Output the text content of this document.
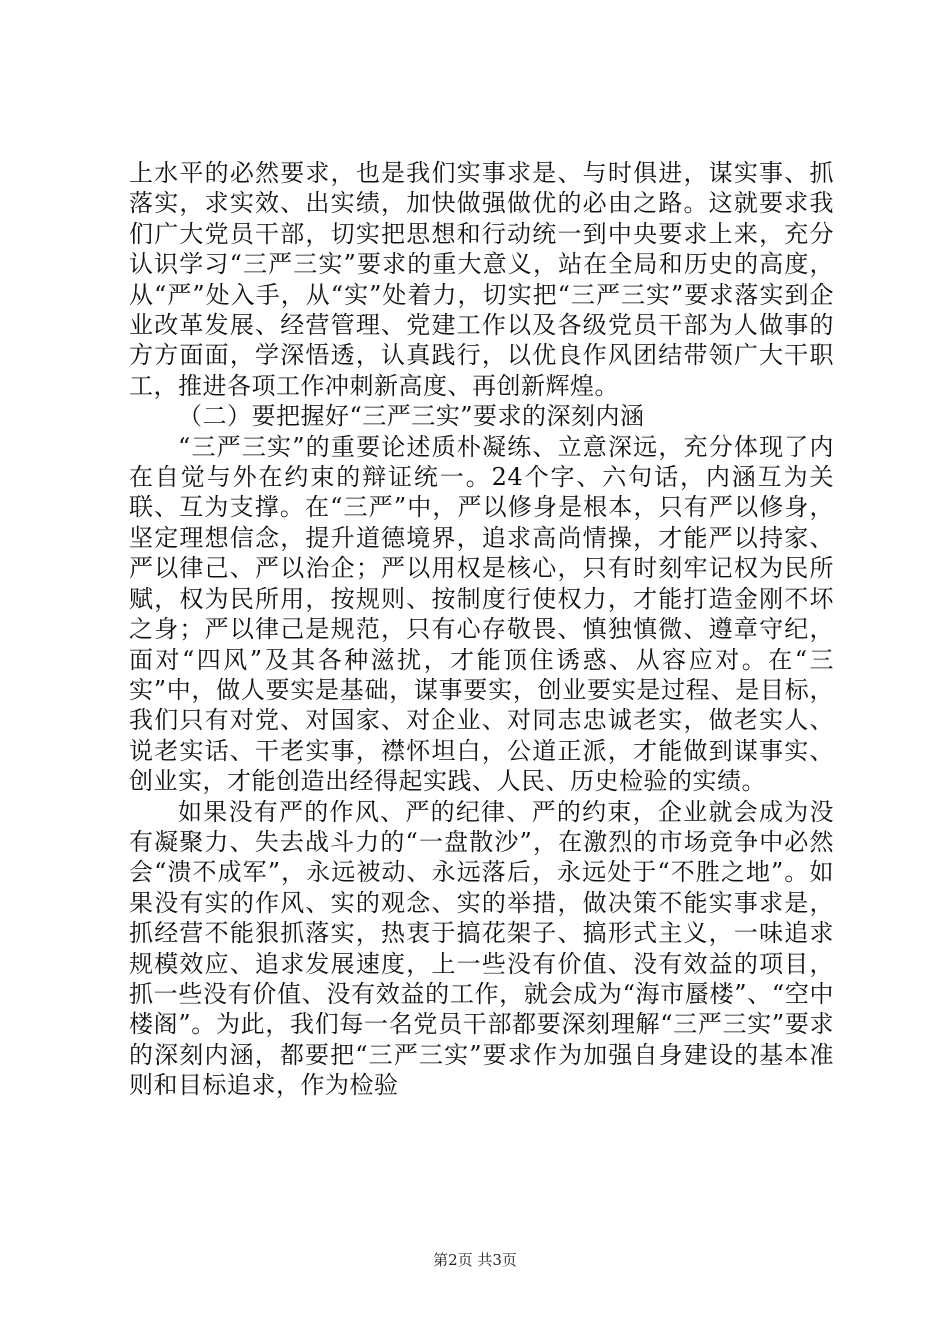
上水平的必然要求，也是我们实事求是、与时俱进，谋实事、抓落实，求实效、出实绩，加快做强做优的必由之路。这就要求我们广大党员干部，切实把思想和行动统一到中央要求上来，充分认识学习“三严三实”要求的重大意义，站在全局和历史的高度，从“严”处入手，从“实”处着力，切实把“三严三实”要求落实到企业改革发展、经营管理、党建工作以及各级党员干部为人做事的方方面面，学深悟透，认真践行，以优良作风团结带领广大干职工，推进各项工作冲刺新高度、再创新辉煌。

（二）要把握好“三严三实”要求的深刻内涵

“三严三实”的重要论述质朴凝练、立意深远，充分体现了内在自觉与外在约束的辩证统一。24个字、六句话，内涵互为关联、互为支撑。在“三严”中，严以修身是根本，只有严以修身，坚定理想信念，提升道德境界，追求高尚情操，才能严以持家、严以律己、严以治企；严以用权是核心，只有时刻牢记权为民所赋，权为民所用，按规则、按制度行使权力，才能打造金刚不坏之身；严以律己是规范，只有心存敬畏、慎独慎微、遵章守纪，面对“四风”及其各种滋扰，才能顶住诱惑、从容应对。在“三实”中，做人要实是基础，谋事要实，创业要实是过程、是目标，我们只有对党、对国家、对企业、对同志忠诚老实，做老实人、说老实话、干老实事，襟怀坦白，公道正派，才能做到谋事实、创业实，才能创造出经得起实践、人民、历史检验的实绩。

如果没有严的作风、严的纪律、严的约束，企业就会成为没有凝聚力、失去战斗力的“一盘散沙”，在激烈的市场竞争中必然会“溃不成军”，永远被动、永远落后，永远处于“不胜之地”。如果没有实的作风、实的观念、实的举措，做决策不能实事求是，抓经营不能狠抓落实，热衷于搞花架子、搞形式主义，一味追求规模效应、追求发展速度，上一些没有价值、没有效益的项目，抓一些没有价值、没有效益的工作，就会成为“海市蜃楼”、“空中楼阁”。为此，我们每一名党员干部都要深刻理解“三严三实”要求的深刻内涵，都要把“三严三实”要求作为加强自身建设的基本准则和目标追求，作为检验

第2页 共3页
